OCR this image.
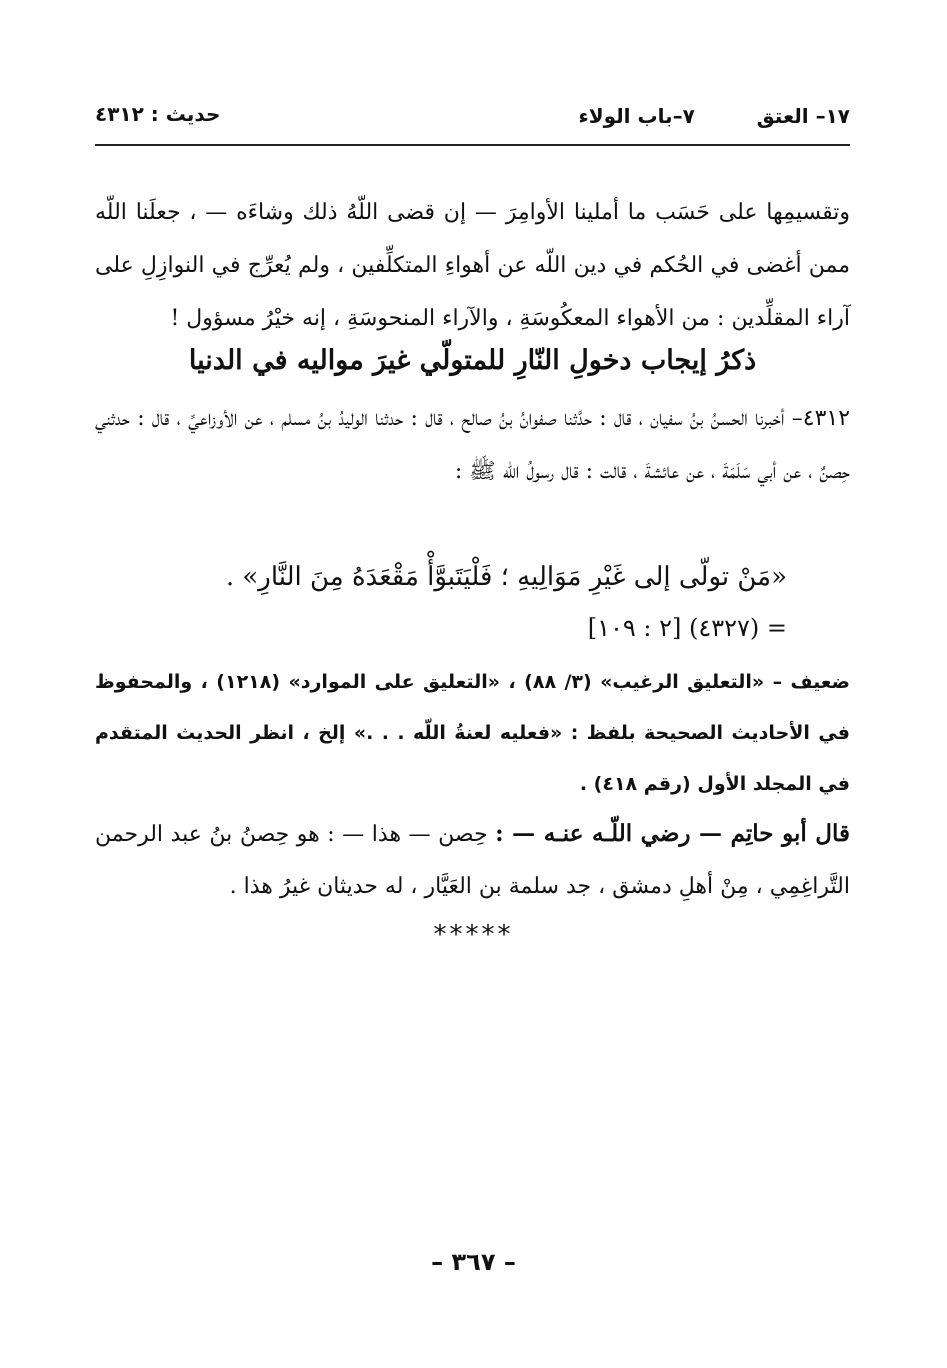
١٧– العتق  ٧–باب الولاء
حديث : ٤٣١٢
وتقسيمِها على حَسَب ما أملينا الأوامِرَ — إن قضى اللّهُ ذلك وشاءَه — ، جعلَنا اللّه ممن أغضى في الحُكم في دين اللّه عن أهواءِ المتكلِّفين ، ولم يُعرِّج في النوازِلِ على آراء المقلِّدين : من الأهواء المعكُوسَةِ ، والآراء المنحوسَةِ ، إنه خيْرُ مسؤول !
ذكرُ إيجاب دخولِ النّارِ للمتولّي غيرَ مواليه في الدنيا
٤٣١٢– أخبرنا الحسنُ بنُ سفيان ، قال : حدَّثنا صفوانُ بنُ صالح ، قال : حدثنا الوليدُ بنُ مسلم ، عن الأوزاعيِّ ، قال : حدثني حِصنٌ ، عن أبي سَلَمَةَ ، عن عائشةَ ، قالت : قال رسولُ اللّه ﷺ :
«مَنْ تولّى إلى غَيْرِ مَوَالِيهِ ؛ فَلْيَتَبوَّأْ مَقْعَدَهُ مِنَ النَّارِ» .
= (٤٣٢٧) [٢ : ١٠٩]
ضعيف – «التعليق الرغيب» (٣/ ٨٨) ، «التعليق على الموارد» (١٢١٨) ، والمحفوظ في الأحاديث الصحيحة بلفظ : «فعليه لعنةُ اللّه . . .» إلخ ، انظر الحديث المتقدم في المجلد الأول (رقم ٤١٨) .
قال أبو حاتِم — رضي اللّـه عنـه — : حِصن — هذا — : هو حِصنُ بنُ عبد الرحمن التَّراغِمِي ، مِنْ أهلِ دمشق ، جد سلمة بن العَيَّار ، له حديثان غيرُ هذا .
*****
– ٣٦٧ –
